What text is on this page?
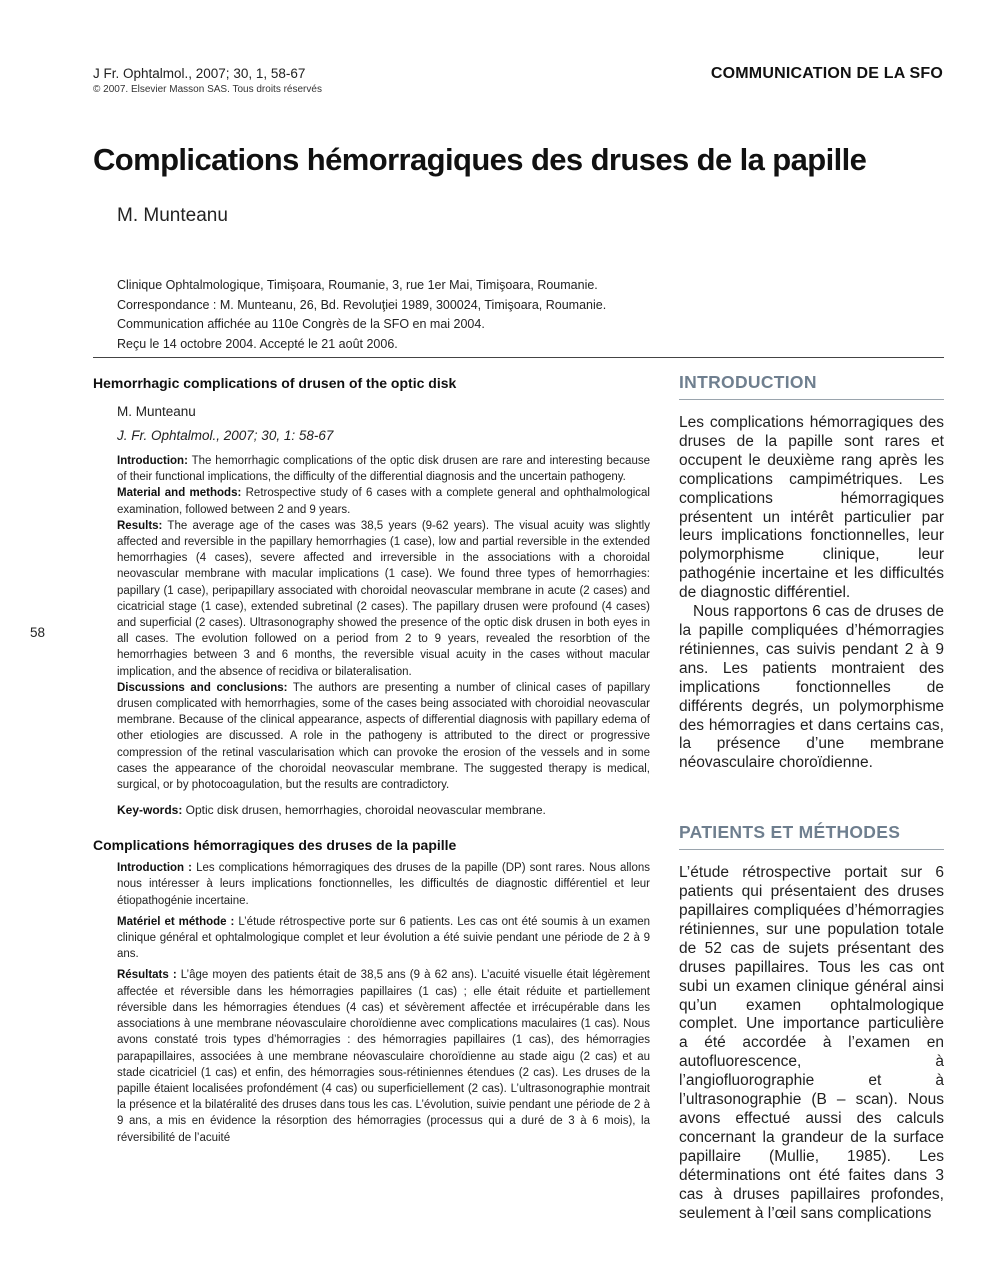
J Fr. Ophtalmol., 2007; 30, 1, 58-67
© 2007. Elsevier Masson SAS. Tous droits réservés
COMMUNICATION DE LA SFO
Complications hémorragiques des druses de la papille
M. Munteanu
Clinique Ophtalmologique, Timişoara, Roumanie, 3, rue 1er Mai, Timişoara, Roumanie.
Correspondance : M. Munteanu, 26, Bd. Revoluţiei 1989, 300024, Timişoara, Roumanie.
Communication affichée au 110e Congrès de la SFO en mai 2004.
Reçu le 14 octobre 2004. Accepté le 21 août 2006.
Hemorrhagic complications of drusen of the optic disk
M. Munteanu
J. Fr. Ophtalmol., 2007; 30, 1: 58-67

Introduction: The hemorrhagic complications of the optic disk drusen are rare and interesting because of their functional implications, the difficulty of the differential diagnosis and the uncertain pathogeny.

Material and methods: Retrospective study of 6 cases with a complete general and ophthalmological examination, followed between 2 and 9 years.

Results: The average age of the cases was 38,5 years (9-62 years). The visual acuity was slightly affected and reversible in the papillary hemorrhagies (1 case), low and partial reversible in the extended hemorrhagies (4 cases), severe affected and irreversible in the associations with a choroidal neovascular membrane with macular implications (1 case). We found three types of hemorrhagies: papillary (1 case), peripapillary associated with choroidal neovascular membrane in acute (2 cases) and cicatricial stage (1 case), extended subretinal (2 cases). The papillary drusen were profound (4 cases) and superficial (2 cases). Ultrasonography showed the presence of the optic disk drusen in both eyes in all cases. The evolution followed on a period from 2 to 9 years, revealed the resorbtion of the hemorrhagies between 3 and 6 months, the reversible visual acuity in the cases without macular implication, and the absence of recidiva or bilateralisation.

Discussions and conclusions: The authors are presenting a number of clinical cases of papillary drusen complicated with hemorrhagies, some of the cases being associated with choroidial neovascular membrane. Because of the clinical appearance, aspects of differential diagnosis with papillary edema of other etiologies are discussed. A role in the pathogeny is attributed to the direct or progressive compression of the retinal vascularisation which can provoke the erosion of the vessels and in some cases the appearance of the choroidal neovascular membrane. The suggested therapy is medical, surgical, or by photocoagulation, but the results are contradictory.

Key-words: Optic disk drusen, hemorrhagies, choroidal neovascular membrane.
Complications hémorragiques des druses de la papille

Introduction : Les complications hémorragiques des druses de la papille (DP) sont rares. Nous allons nous intéresser à leurs implications fonctionnelles, les difficultés de diagnostic différentiel et leur étiopathogénie incertaine.

Matériel et méthode : L’étude rétrospective porte sur 6 patients. Les cas ont été soumis à un examen clinique général et ophtalmologique complet et leur évolution a été suivie pendant une période de 2 à 9 ans.

Résultats : L’âge moyen des patients était de 38,5 ans (9 à 62 ans). L’acuité visuelle était légèrement affectée et réversible dans les hémorragies papillaires (1 cas) ; elle était réduite et partiellement réversible dans les hémorragies étendues (4 cas) et sévèrement affectée et irrécupérable dans les associations à une membrane néovasculaire choroïdienne avec complications maculaires (1 cas). Nous avons constaté trois types d’hémorragies : des hémorragies papillaires (1 cas), des hémorragies parapapillaires, associées à une membrane néovasculaire choroïdienne au stade aigu (2 cas) et au stade cicatriciel (1 cas) et enfin, des hémorragies sous-rétiniennes étendues (2 cas). Les druses de la papille étaient localisées profondément (4 cas) ou superficiellement (2 cas). L’ultrasonographie montrait la présence et la bilatéralité des druses dans tous les cas. L’évolution, suivie pendant une période de 2 à 9 ans, a mis en évidence la résorption des hémorragies (processus qui a duré de 3 à 6 mois), la réversibilité de l’acuité

58
INTRODUCTION

Les complications hémorragiques des druses de la papille sont rares et occupent le deuxième rang après les complications campimétriques. Les complications hémorragiques présentent un intérêt particulier par leurs implications fonctionnelles, leur polymorphisme clinique, leur pathogénie incertaine et les difficultés de diagnostic différentiel.

Nous rapportons 6 cas de druses de la papille compliquées d’hémorragies rétiniennes, cas suivis pendant 2 à 9 ans. Les patients montraient des implications fonctionnelles de différents degrés, un polymorphisme des hémorragies et dans certains cas, la présence d’une membrane néovasculaire choroïdienne.

PATIENTS ET MÉTHODES

L’étude rétrospective portait sur 6 patients qui présentaient des druses papillaires compliquées d’hémorragies rétiniennes, sur une population totale de 52 cas de sujets présentant des druses papillaires. Tous les cas ont subi un examen clinique général ainsi qu’un examen ophtalmologique complet. Une importance particulière a été accordée à l’examen en autofluorescence, à l’angiofluorographie et à l’ultrasonographie (B – scan). Nous avons effectué aussi des calculs concernant la grandeur de la surface papillaire (Mullie, 1985). Les déterminations ont été faites dans 3 cas à druses papillaires profondes, seulement à l’œil sans complications
